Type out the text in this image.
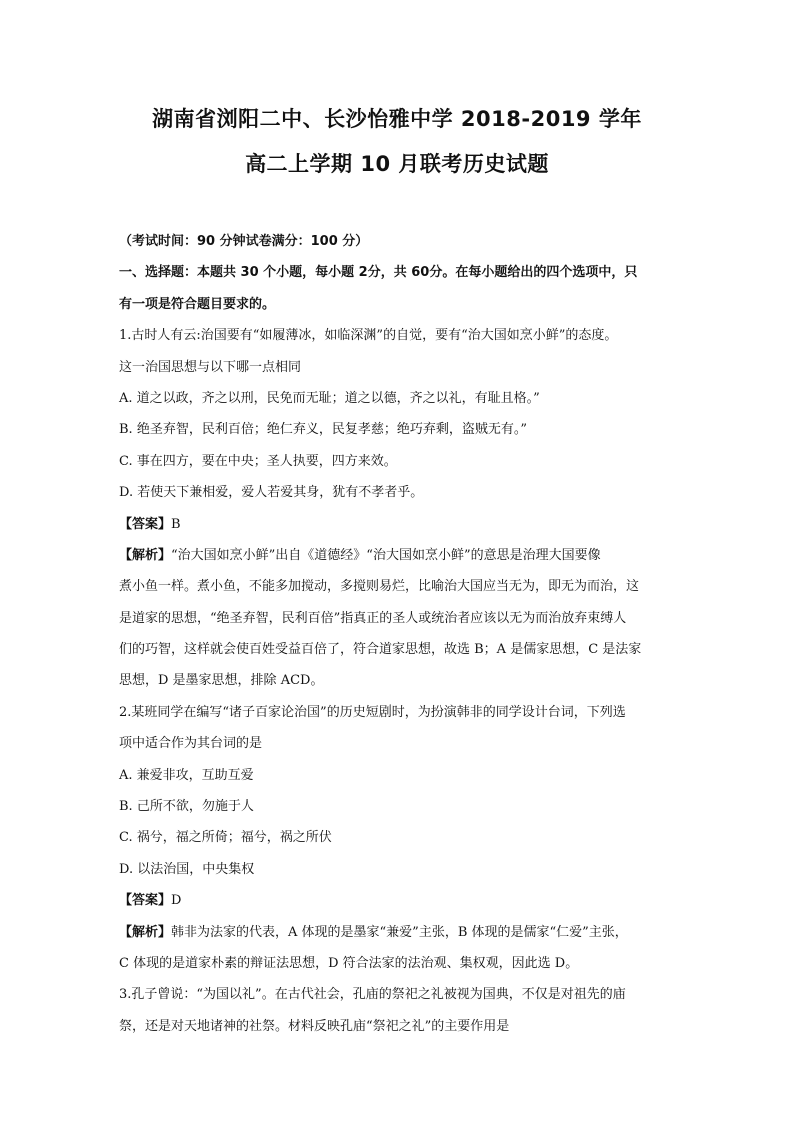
湖南省浏阳二中、长沙怡雅中学 2018-2019 学年
高二上学期 10 月联考历史试题
（考试时间：90 分钟试卷满分：100 分）
一、选择题：本题共 30 个小题，每小题 2分，共 60分。在每小题给出的四个选项中，只
有一项是符合题目要求的。
1.古时人有云:治国要有“如履薄冰，如临深渊”的自觉，要有“治大国如烹小鲜”的态度。
这一治国思想与以下哪一点相同
A. 道之以政，齐之以刑，民免而无耻；道之以德，齐之以礼，有耻且格。”
B. 绝圣弃智，民利百倍；绝仁弃义，民复孝慈；绝巧弃剩，盗贼无有。”
C. 事在四方，要在中央；圣人执要，四方来效。
D. 若使天下兼相爱，爱人若爱其身，犹有不孝者乎。
【答案】B
【解析】“治大国如烹小鲜”出自《道德经》“治大国如烹小鲜”的意思是治理大国要像
煮小鱼一样。煮小鱼，不能多加搅动，多搅则易烂，比喻治大国应当无为，即无为而治，这
是道家的思想，“绝圣弃智，民利百倍”指真正的圣人或统治者应该以无为而治放弃束缚人
们的巧智，这样就会使百姓受益百倍了，符合道家思想，故选 B；A 是儒家思想，C 是法家
思想，D 是墨家思想，排除 ACD。
2.某班同学在编写“诸子百家论治国”的历史短剧时，为扮演韩非的同学设计台词，下列选
项中适合作为其台词的是
A. 兼爱非攻，互助互爱
B. 己所不欲，勿施于人
C. 祸兮，福之所倚；福兮，祸之所伏
D. 以法治国，中央集权
【答案】D
【解析】韩非为法家的代表，A 体现的是墨家“兼爱”主张，B 体现的是儒家“仁爱”主张，
C 体现的是道家朴素的辩证法思想，D 符合法家的法治观、集权观，因此选 D。
3.孔子曾说：“为国以礼”。在古代社会，孔庙的祭祀之礼被视为国典，不仅是对祖先的庙
祭，还是对天地诸神的社祭。材料反映孔庙“祭祀之礼”的主要作用是
